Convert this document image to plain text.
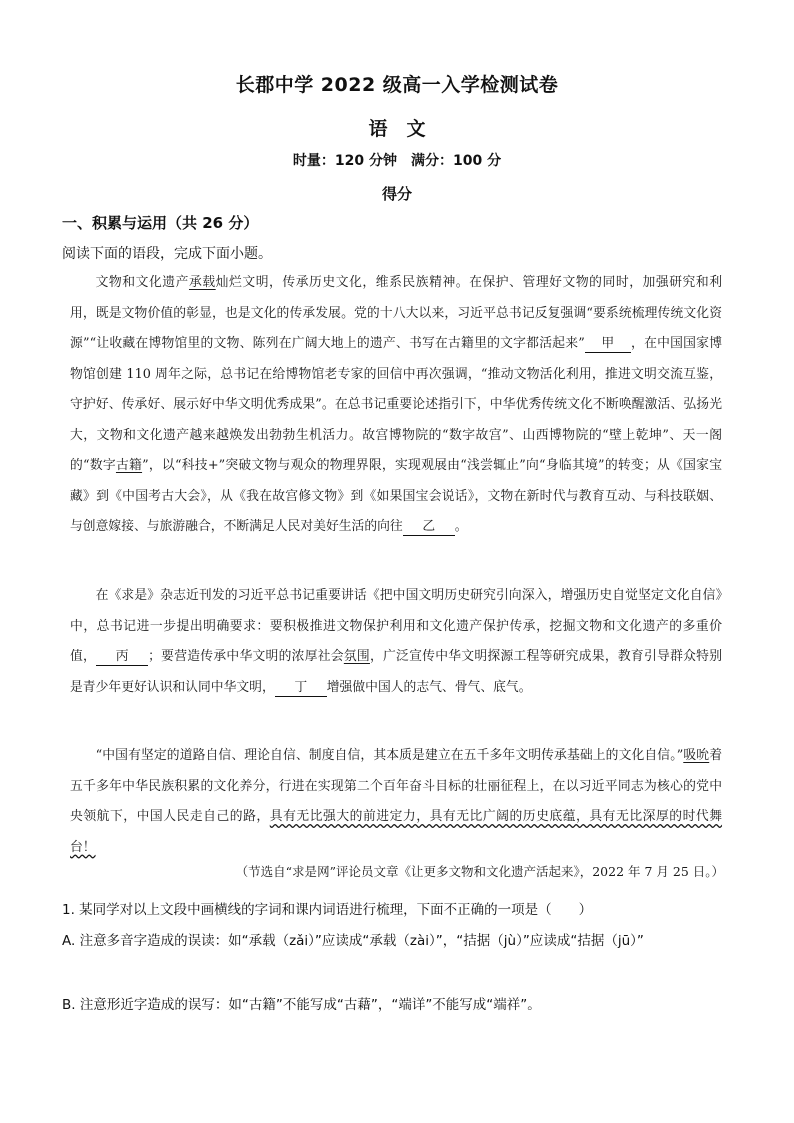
长郡中学 2022 级高一入学检测试卷
语　文
时量：120 分钟　满分：100 分
得分
一、积累与运用（共 26 分）
阅读下面的语段，完成下面小题。

文物和文化遗产承载灿烂文明，传承历史文化，维系民族精神。在保护、管理好文物的同时，加强研究和利用，既是文物价值的彰显，也是文化的传承发展。党的十八大以来，习近平总书记反复强调“要系统梳理传统文化资源”“让收藏在博物馆里的文物、陈列在广阔大地上的遗产、书写在古籍里的文字都活起来” 甲 ，在中国国家博物馆创建 110 周年之际，总书记在给博物馆老专家的回信中再次强调，“推动文物活化利用，推进文明交流互鉴，守护好、传承好、展示好中华文明优秀成果”。在总书记重要论述指引下，中华优秀传统文化不断唤醒激活、弘扬光大，文物和文化遗产越来越焕发出勃勃生机活力。故宫博物院的“数字故宫”、山西博物院的“壁上乾坤”、天一阁的“数字古籍”，以“科技+”突破文物与观众的物理界限，实现观展由“浅尝辄止”向“身临其境”的转变；从《国家宝藏》到《中国考古大会》，从《我在故宫修文物》到《如果国宝会说话》，文物在新时代与教育互动、与科技联姻、与创意嫁接、与旅游融合，不断满足人民对美好生活的向往 乙 。

在《求是》杂志近刊发的习近平总书记重要讲话《把中国文明历史研究引向深入，增强历史自觉坚定文化自信》中，总书记进一步提出明确要求：要积极推进文物保护利用和文化遗产保护传承，挖掘文物和文化遗产的多重价值， 丙 ；要营造传承中华文明的浓厚社会氛围，广泛宣传中华文明探源工程等研究成果，教育引导群众特别是青少年更好认识和认同中华文明， 丁 增强做中国人的志气、骨气、底气。

“中国有坚定的道路自信、理论自信、制度自信，其本质是建立在五千多年文明传承基础上的文化自信。”吸吮着五千多年中华民族积累的文化养分，行进在实现第二个百年奋斗目标的壮丽征程上，在以习近平同志为核心的党中央领航下，中国人民走自己的路，具有无比强大的前进定力，具有无比广阔的历史底蕴，具有无比深厚的时代舞台！

（节选自“求是网”评论员文章《让更多文物和文化遗产活起来》，2022 年 7 月 25 日。）
1. 某同学对以上文段中画横线的字词和课内词语进行梳理，下面不正确的一项是（　　）
A. 注意多音字造成的误读：如“承载（zǎi）”应读成“承载（zài）”，“拮据（jù）”应读成“拮据（jū）”
B. 注意形近字造成的误写：如“古籍”不能写成“古藉”，“端详”不能写成“端祥”。
